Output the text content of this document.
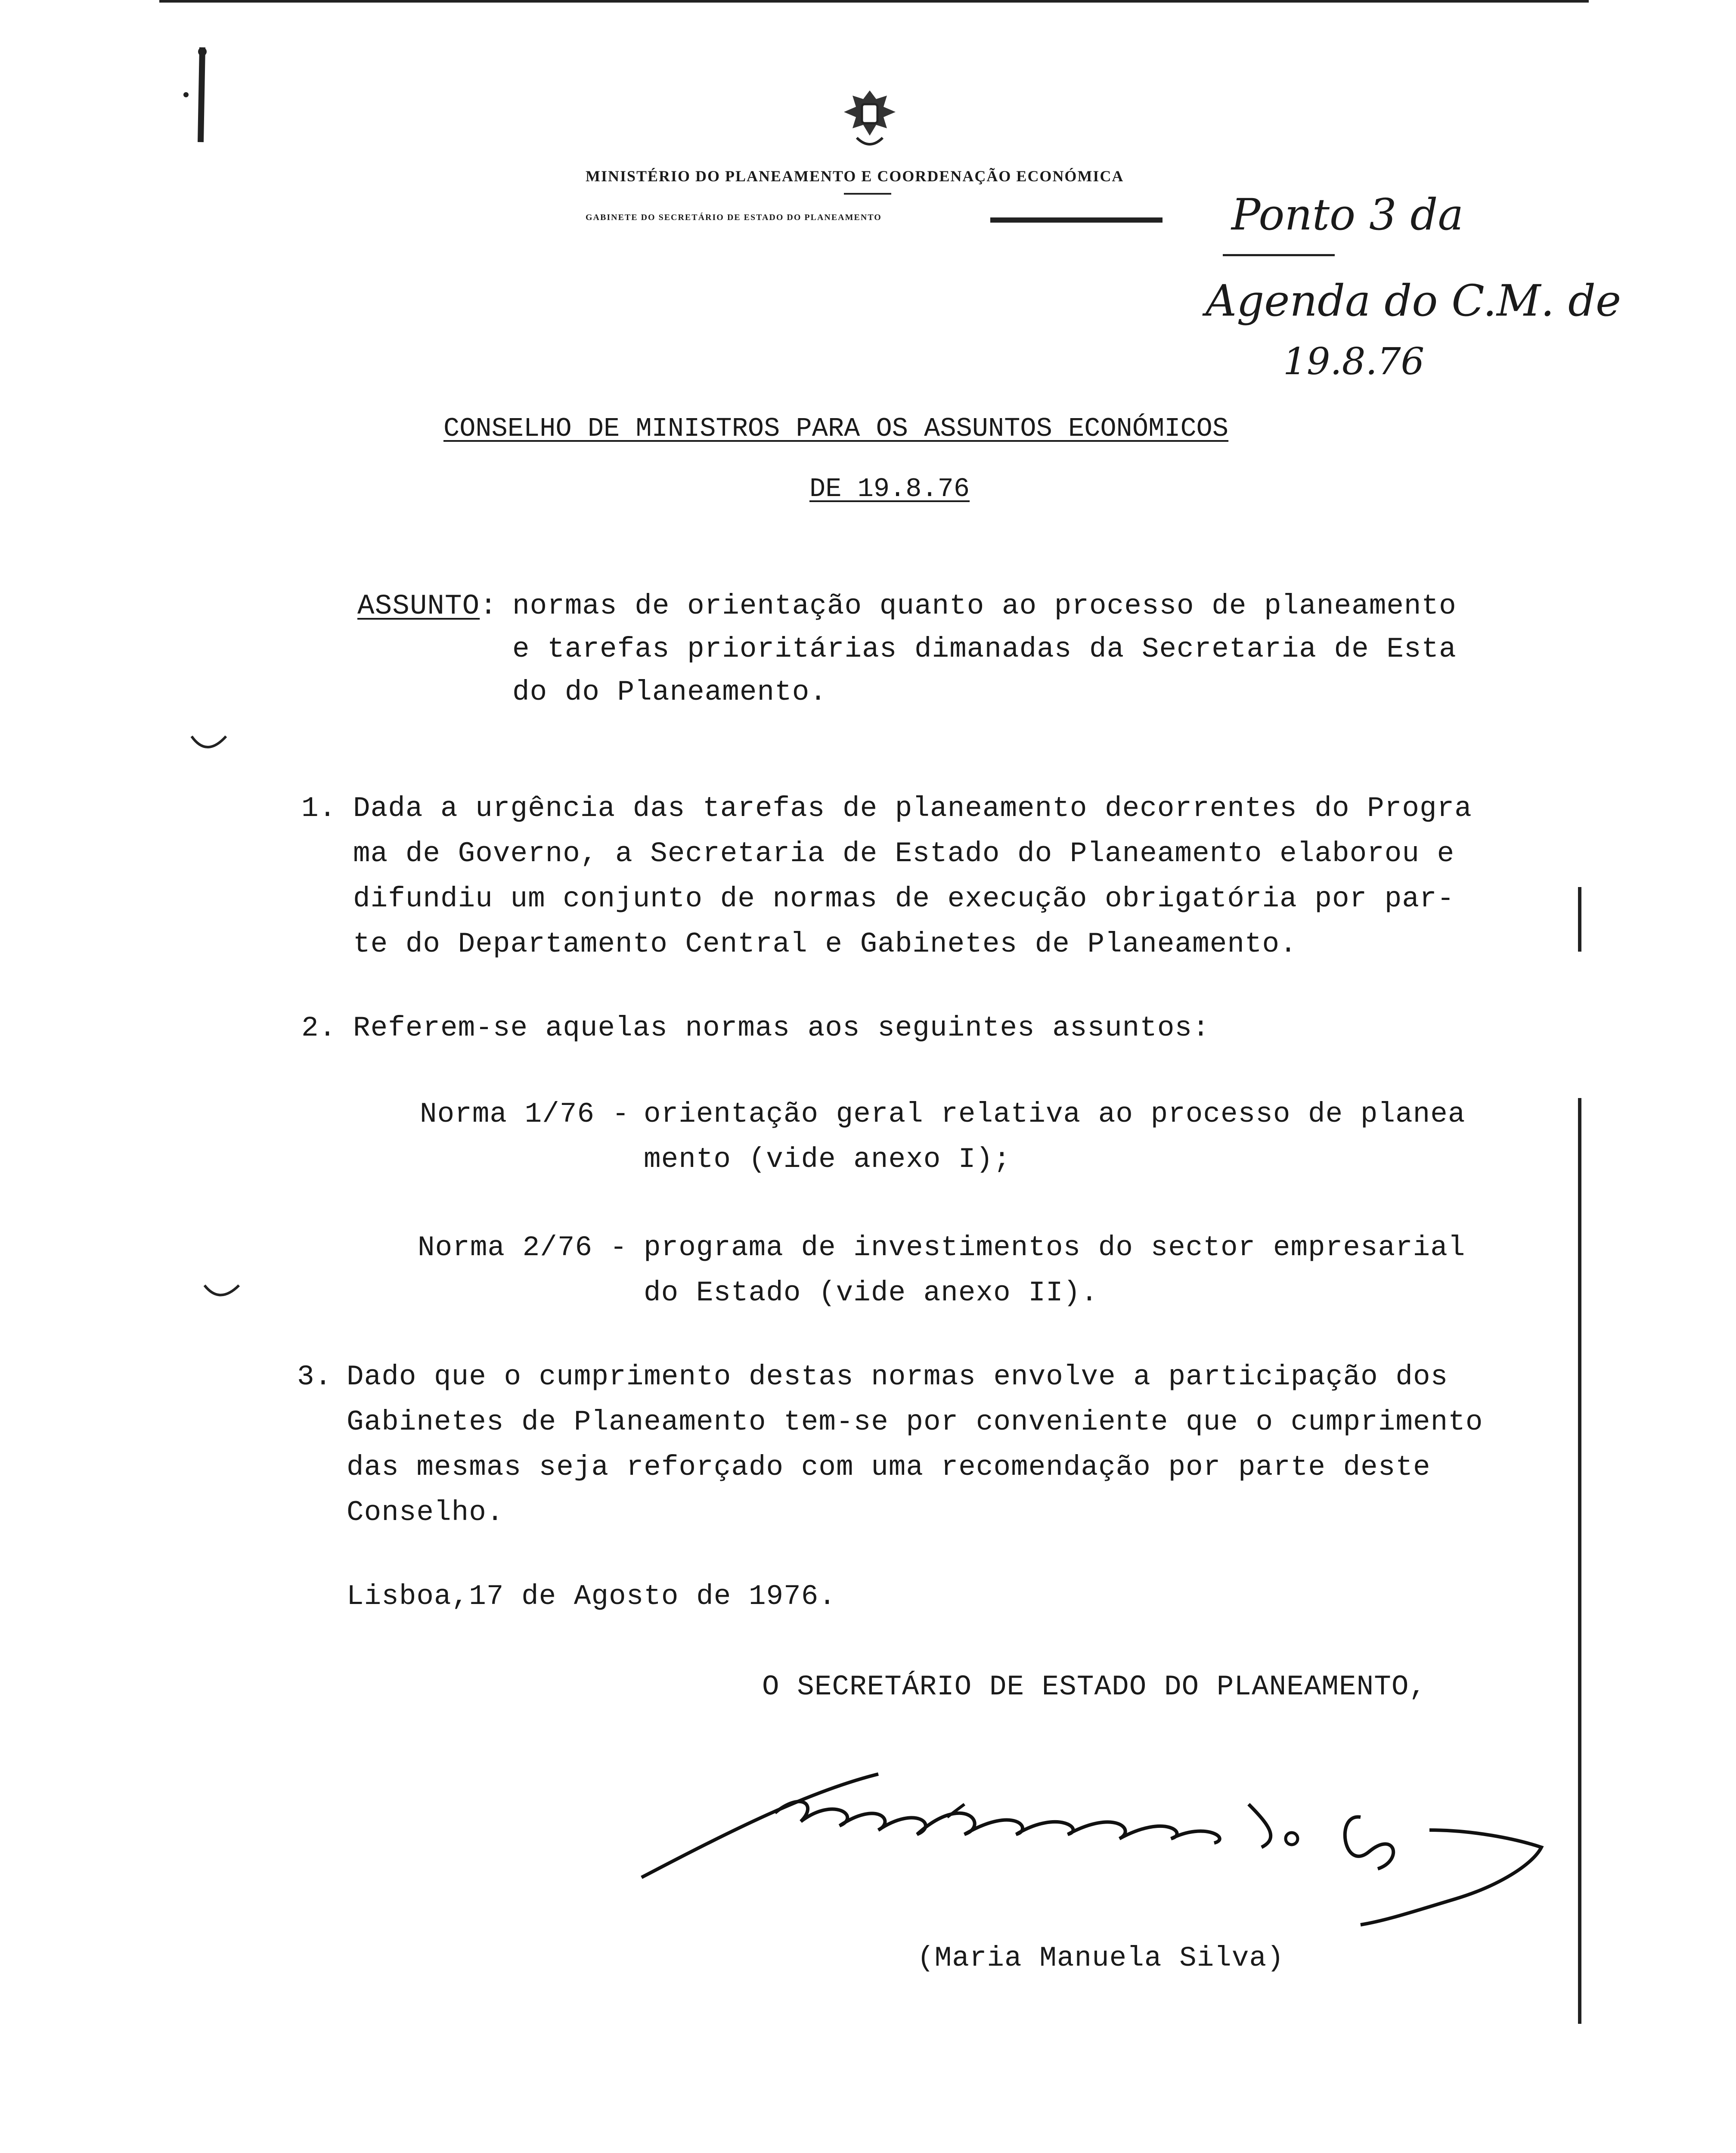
MINISTÉRIO DO PLANEAMENTO E COORDENAÇÃO ECONÓMICA
GABINETE DO SECRETÁRIO DE ESTADO DO PLANEAMENTO	Ponto 3 da
Agenda do C.M. de
19.8.76
CONSELHO DE MINISTROS PARA OS ASSUNTOS ECONÓMICOS
DE 19.8.76
ASSUNTO: normas de orientação quanto ao processo de planeamento
e tarefas prioritárias dimanadas da Secretaria de Esta
do do Planeamento.
1. Dada a urgência das tarefas de planeamento decorrentes do Progra
ma de Governo, a Secretaria de Estado do Planeamento elaborou e
difundiu um conjunto de normas de execução obrigatória por par-
te do Departamento Central e Gabinetes de Planeamento.
2. Referem-se aquelas normas aos seguintes assuntos:
Norma 1/76 - orientação geral relativa ao processo de planea
mento (vide anexo I);
Norma 2/76 - programa de investimentos do sector empresarial
do Estado (vide anexo II).
3. Dado que o cumprimento destas normas envolve a participação dos
Gabinetes de Planeamento tem-se por conveniente que o cumprimento
das mesmas seja reforçado com uma recomendação por parte deste
Conselho.
Lisboa,17 de Agosto de 1976.
O SECRETÁRIO DE ESTADO DO PLANEAMENTO,
(Maria Manuela Silva)
